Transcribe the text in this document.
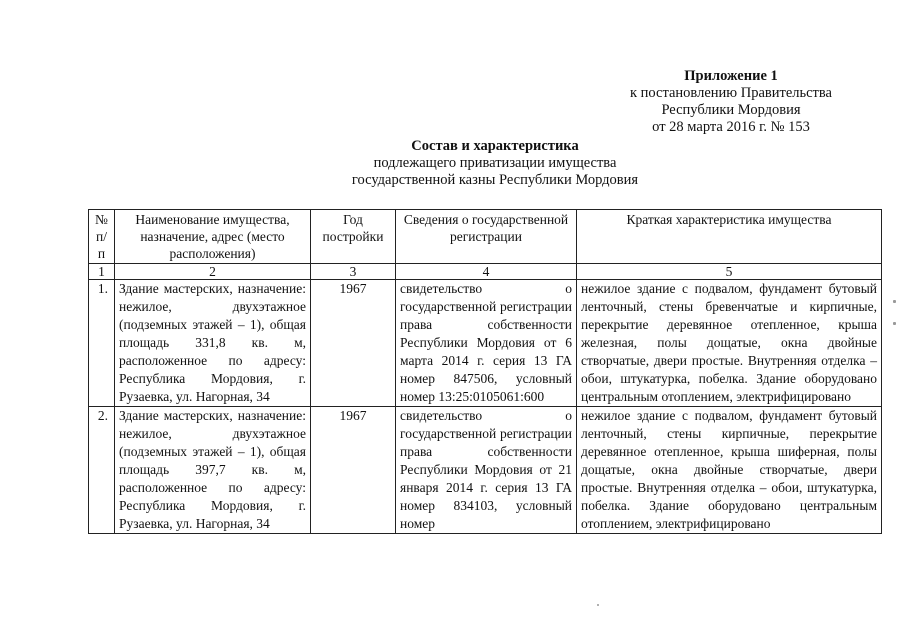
Приложение 1
к постановлению Правительства
Республики Мордовия
от 28 марта 2016 г. № 153
Состав и характеристика
подлежащего приватизации имущества
государственной казны Республики Мордовия
№ п/п	Наименование имущества, назначение, адрес (место расположения)	Год постройки	Сведения о государственной регистрации	Краткая характеристика имущества
1	2	3	4	5
1.	Здание мастерских, назначение: нежилое, двухэтажное (подземных этажей – 1), общая площадь 331,8 кв. м, расположенное по адресу: Республика Мордовия, г. Рузаевка, ул. Нагорная, 34	1967	свидетельство о государственной регистрации права собственности Республики Мордовия от 6 марта 2014 г. серия 13 ГА номер 847506, условный номер 13:25:0105061:600	нежилое здание с подвалом, фундамент бутовый ленточный, стены бревенчатые и кирпичные, перекрытие деревянное отепленное, крыша железная, полы дощатые, окна двойные створчатые, двери простые. Внутренняя отделка – обои, штукатурка, побелка. Здание оборудовано центральным отоплением, электрифицировано
2.	Здание мастерских, назначение: нежилое, двухэтажное (подземных этажей – 1), общая площадь 397,7 кв. м, расположенное по адресу: Республика Мордовия, г. Рузаевка, ул. Нагорная, 34	1967	свидетельство о государственной регистрации права собственности Республики Мордовия от 21 января 2014 г. серия 13 ГА номер 834103, условный номер	нежилое здание с подвалом, фундамент бутовый ленточный, стены кирпичные, перекрытие деревянное отепленное, крыша шиферная, полы дощатые, окна двойные створчатые, двери простые. Внутренняя отделка – обои, штукатурка, побелка. Здание оборудовано центральным отоплением, электрифицировано
